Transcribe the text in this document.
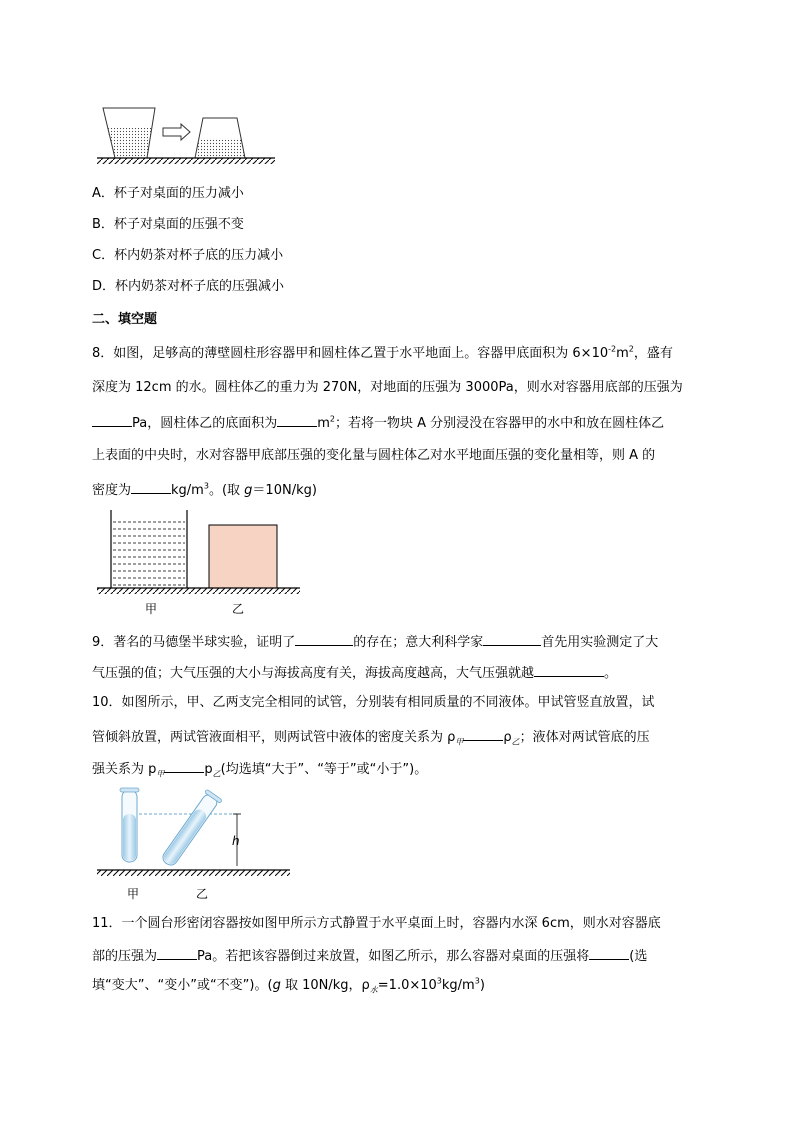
A．杯子对桌面的压力减小
B．杯子对桌面的压强不变
C．杯内奶茶对杯子底的压力减小
D．杯内奶茶对杯子底的压强减小
二、填空题
8．如图，足够高的薄壁圆柱形容器甲和圆柱体乙置于水平地面上。容器甲底面积为 $6\times 10^{-2}m^2$，盛有
深度为 12cm 的水。圆柱体乙的重力为 270N，对地面的压强为 3000Pa，则水对容器用底部的压强为
Pa，圆柱体乙的底面积为	$m^2$；若将一物块 A 分别浸没在容器甲的水中和放在圆柱体乙
上表面的中央时，水对容器甲底部压强的变化量与圆柱体乙对水平地面压强的变化量相等，则 A 的
密度为	$kg/m^3$。(取 g＝10N/kg)
甲	乙
9．著名的马德堡半球实验，证明了	的存在；意大利科学家	首先用实验测定了大
气压强的值；大气压强的大小与海拔高度有关，海拔高度越高，大气压强就越	。
10．如图所示，甲、乙两支完全相同的试管，分别装有相同质量的不同液体。甲试管竖直放置，试
管倾斜放置，两试管液面相平，则两试管中液体的密度关系为 $\rho_甲$	$\rho_乙$；液体对两试管底的压
强关系为 $p_甲$	$p_乙$(均选填“大于”、“等于”或“小于”)。
h
甲	乙
11．一个圆台形密闭容器按如图甲所示方式静置于水平桌面上时，容器内水深 6cm，则水对容器底
部的压强为	Pa。若把该容器倒过来放置，如图乙所示，那么容器对桌面的压强将	(选
填“变大”、“变小”或“不变”)。(g 取 10N/kg，$\rho_水=1.0\times 10^3kg/m^3$)
